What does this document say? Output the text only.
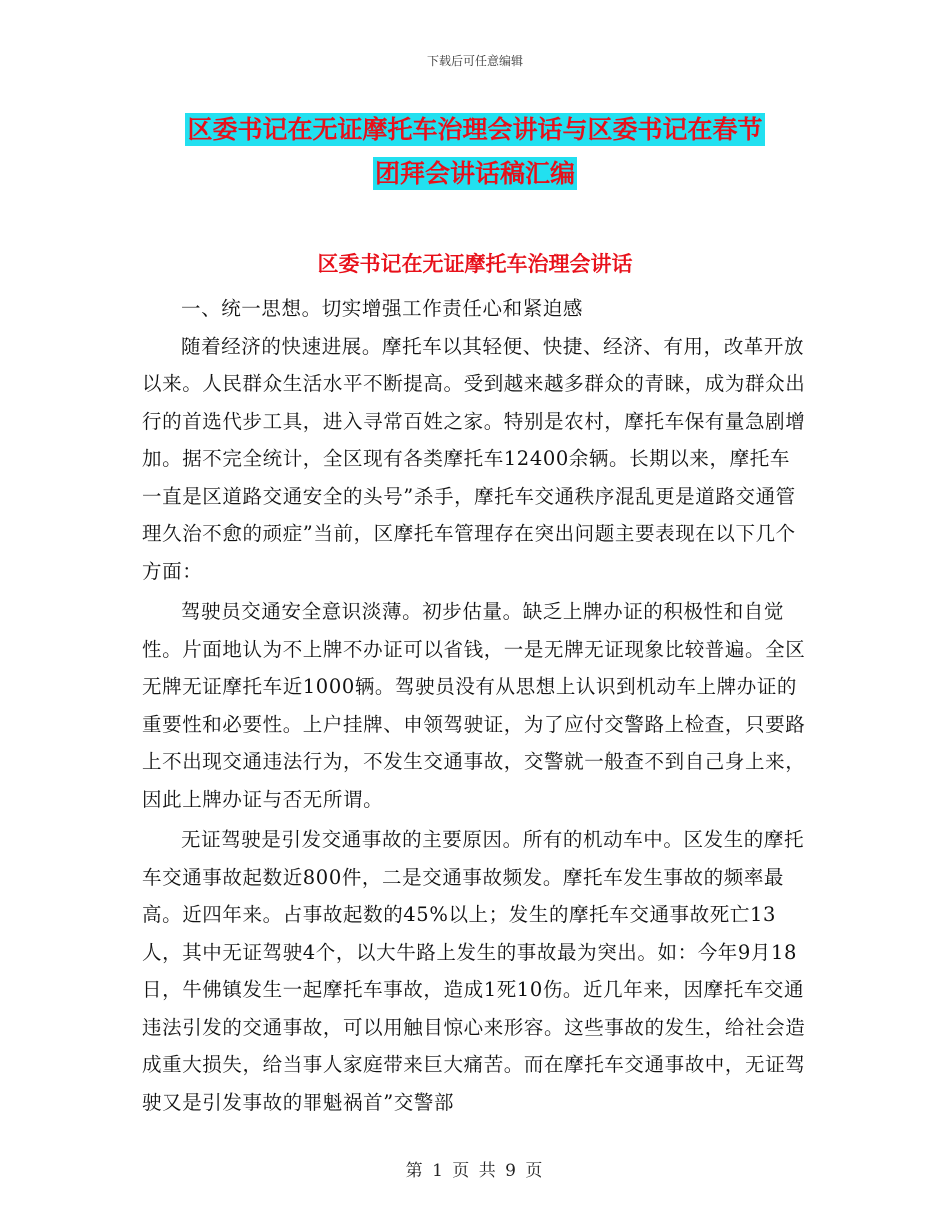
下载后可任意编辑
区委书记在无证摩托车治理会讲话与区委书记在春节
团拜会讲话稿汇编
区委书记在无证摩托车治理会讲话

一、统一思想。切实增强工作责任心和紧迫感

随着经济的快速进展。摩托车以其轻便、快捷、经济、有用，改革开放以来。人民群众生活水平不断提高。受到越来越多群众的青睐，成为群众出行的首选代步工具，进入寻常百姓之家。特别是农村，摩托车保有量急剧增加。据不完全统计，全区现有各类摩托车12400余辆。长期以来，摩托车一直是区道路交通安全的头号”杀手，摩托车交通秩序混乱更是道路交通管理久治不愈的顽症”当前，区摩托车管理存在突出问题主要表现在以下几个方面：

驾驶员交通安全意识淡薄。初步估量。缺乏上牌办证的积极性和自觉性。片面地认为不上牌不办证可以省钱，一是无牌无证现象比较普遍。全区无牌无证摩托车近1000辆。驾驶员没有从思想上认识到机动车上牌办证的重要性和必要性。上户挂牌、申领驾驶证，为了应付交警路上检查，只要路上不出现交通违法行为，不发生交通事故，交警就一般查不到自己身上来，因此上牌办证与否无所谓。

无证驾驶是引发交通事故的主要原因。所有的机动车中。区发生的摩托车交通事故起数近800件，二是交通事故频发。摩托车发生事故的频率最高。近四年来。占事故起数的45%以上；发生的摩托车交通事故死亡13人，其中无证驾驶4个，以大牛路上发生的事故最为突出。如：今年9月18日，牛佛镇发生一起摩托车事故，造成1死10伤。近几年来，因摩托车交通违法引发的交通事故，可以用触目惊心来形容。这些事故的发生，给社会造成重大损失，给当事人家庭带来巨大痛苦。而在摩托车交通事故中，无证驾驶又是引发事故的罪魁祸首”交警部

第 1 页 共 9 页
